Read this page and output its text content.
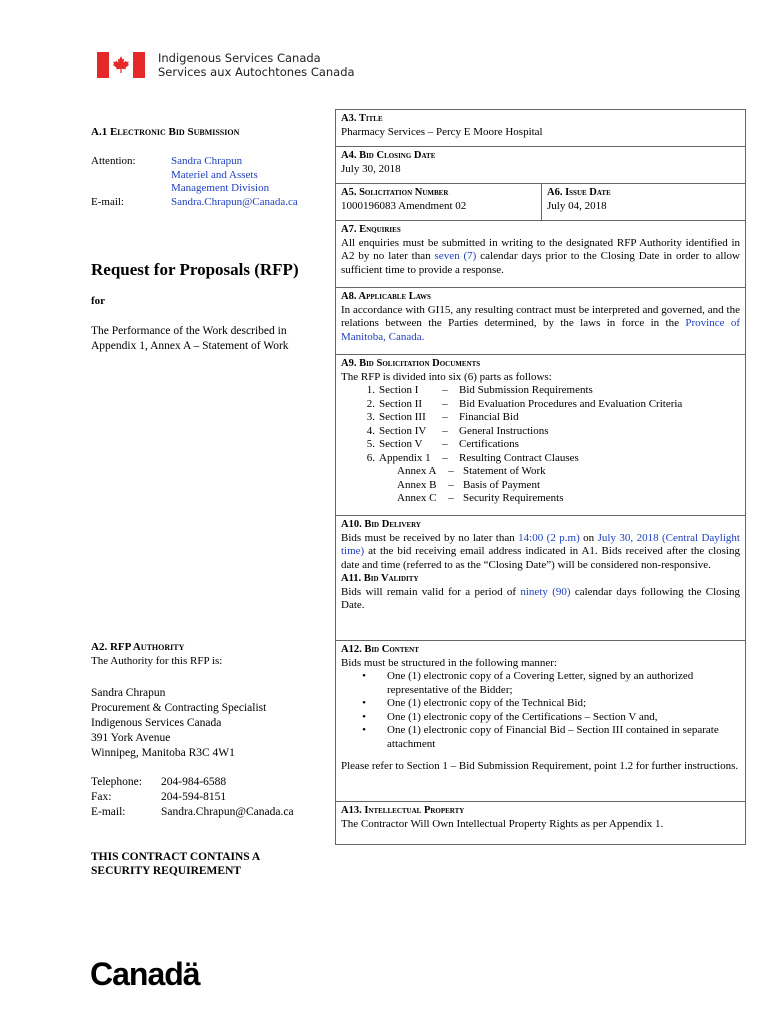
Indigenous Services Canada
Services aux Autochtones Canada
A.1 Electronic Bid Submission
Attention:	Sandra Chrapun
Materiel and Assets
Management Division
E-mail:	Sandra.Chrapun@Canada.ca
Request for Proposals (RFP)
for
The Performance of the Work described in Appendix 1, Annex A – Statement of Work
A2. RFP Authority
The Authority for this RFP is:
Sandra Chrapun
Procurement & Contracting Specialist
Indigenous Services Canada
391 York Avenue
Winnipeg, Manitoba R3C 4W1
Telephone:	204-984-6588
Fax:	204-594-8151
E-mail:	Sandra.Chrapun@Canada.ca
THIS CONTRACT CONTAINS A SECURITY REQUIREMENT
A3. Title
Pharmacy Services – Percy E Moore Hospital
A4. Bid Closing Date
July 30, 2018
A5. Solicitation Number
1000196083 Amendment 02
A6. Issue Date
July 04, 2018
A7. Enquiries

All enquiries must be submitted in writing to the designated RFP Authority identified in A2 by no later than seven (7) calendar days prior to the Closing Date in order to allow sufficient time to provide a response.

A8. Applicable Laws

In accordance with GI15, any resulting contract must be interpreted and governed, and the relations between the Parties determined, by the laws in force in the Province of Manitoba, Canada.

A9. Bid Solicitation Documents
The RFP is divided into six (6) parts as follows:
1. Section I	–	Bid Submission Requirements
2. Section II	–	Bid Evaluation Procedures and Evaluation Criteria
3. Section III	–	Financial Bid
4. Section IV	–	General Instructions
5. Section V	–	Certifications
6. Appendix 1	–	Resulting Contract Clauses
Annex A	– Statement of Work
Annex B	– Basis of Payment
Annex C	– Security Requirements
A10. Bid Delivery

Bids must be received by no later than 14:00 (2 p.m) on July 30, 2018 (Central Daylight time) at the bid receiving email address indicated in A1. Bids received after the closing date and time (referred to as the “Closing Date”) will be considered non-responsive.

A11. Bid Validity

Bids will remain valid for a period of ninety (90) calendar days following the Closing Date.

A12. Bid Content
Bids must be structured in the following manner:
•	One (1) electronic copy of a Covering Letter, signed by an authorized representative of the Bidder;
•	One (1) electronic copy of the Technical Bid;
•	One (1) electronic copy of the Certifications – Section V and,
•	One (1) electronic copy of Financial Bid – Section III contained in separate attachment

Please refer to Section 1 – Bid Submission Requirement, point 1.2 for further instructions.

A13. Intellectual Property
The Contractor Will Own Intellectual Property Rights as per Appendix 1.
Canadä
